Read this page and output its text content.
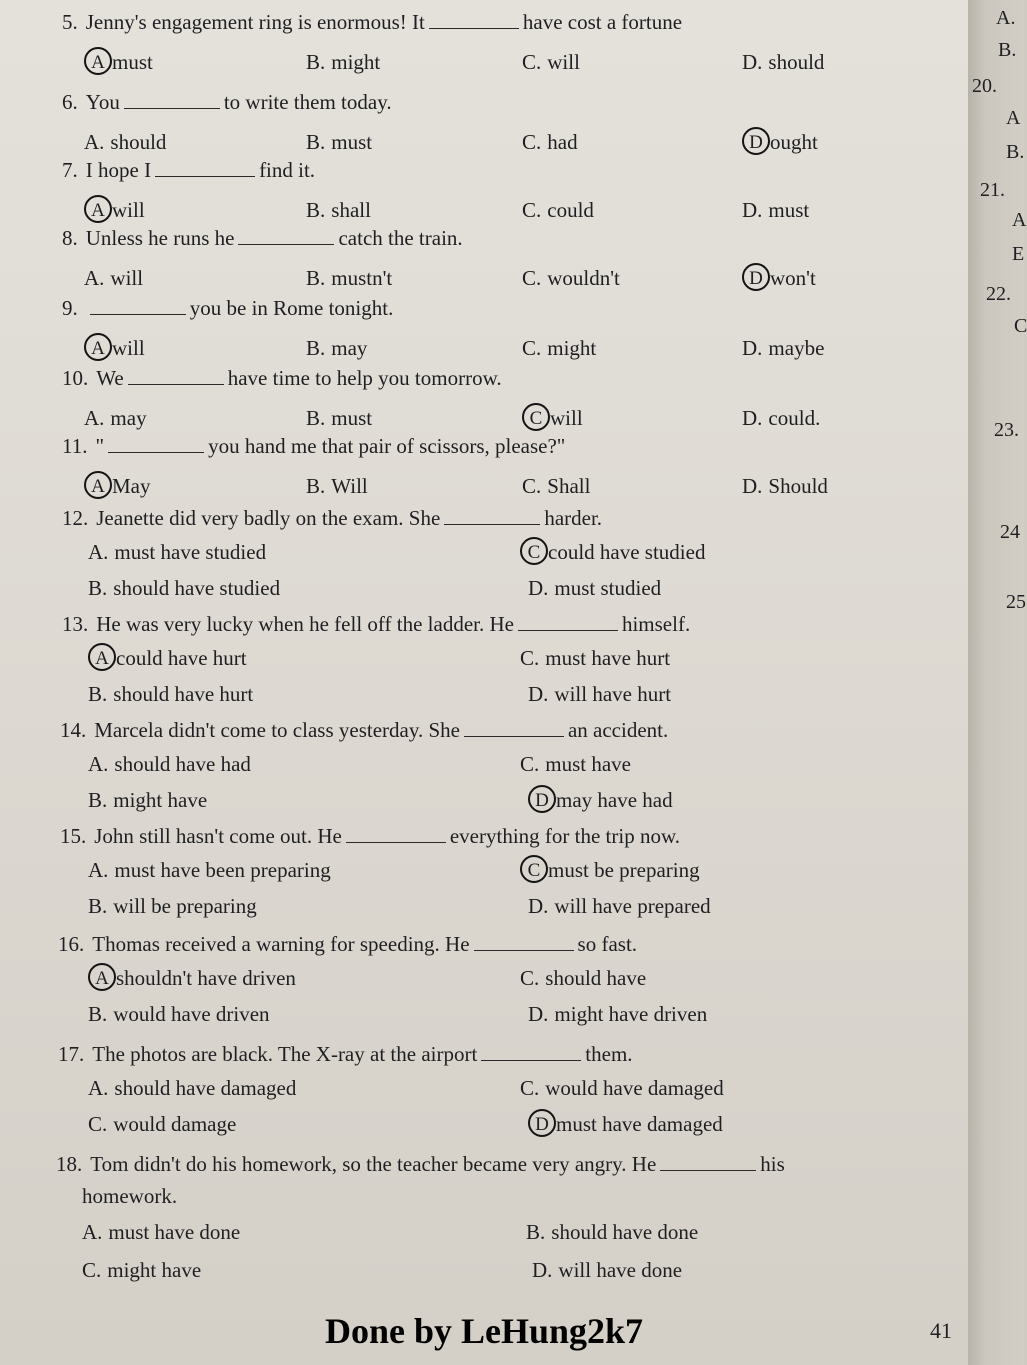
5. Jenny's engagement ring is enormous! It	have cost a fortune
A must	B. might	C. will	D. should
6. You	to write them today.
A. should	B. must	C. had	D ought
7. I hope I	find it.
A will	B. shall	C. could	D. must
8. Unless he runs he	catch the train.
A. will	B. mustn't	C. wouldn't	D won't
9.	you be in Rome tonight.
A will	B. may	C. might	D. maybe
10. We	have time to help you tomorrow.
A. may	B. must	C will	D. could.
11. "	you hand me that pair of scissors, please?"
A May	B. Will	C. Shall	D. Should
12. Jeanette did very badly on the exam. She	harder.
A. must have studied	C could have studied
B. should have studied	D. must studied
13. He was very lucky when he fell off the ladder. He	himself.
A could have hurt	C. must have hurt
B. should have hurt	D. will have hurt
14. Marcela didn't come to class yesterday. She	an accident.
A. should have had	C. must have
B. might have	D may have had
15. John still hasn't come out. He	everything for the trip now.
A. must have been preparing	C must be preparing
B. will be preparing	D. will have prepared
16. Thomas received a warning for speeding. He	so fast.
A shouldn't have driven	C. should have
B. would have driven	D. might have driven
17. The photos are black. The X-ray at the airport	them.
A. should have damaged	C. would have damaged
C. would damage	D must have damaged
18. Tom didn't do his homework, so the teacher became very angry. He	his
homework.
A. must have done	B. should have done
C. might have	D. will have done
A.
B.
20.
A
B.
21.
A
E
22.
C
23.
24
25
Done by LeHung2k7	41
